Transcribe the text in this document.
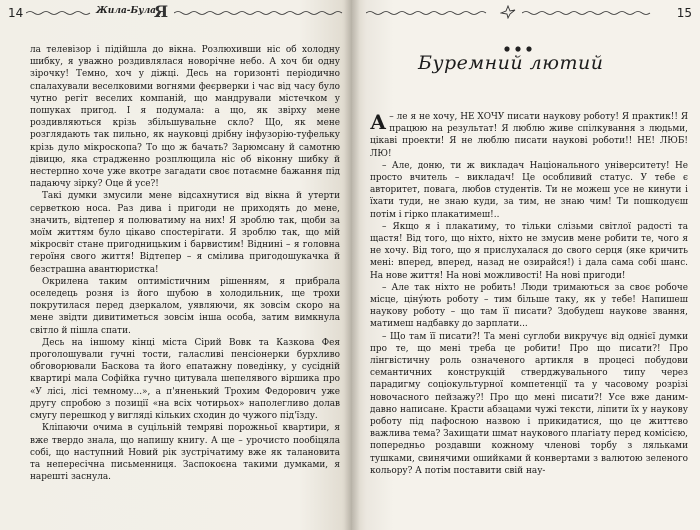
14	Жила-Була
Я

ла телевізор і підійшла до вікна. Розлюхивши ніс об холодну шибку, я уважно роздивлялася новорічне небо. А хоч би одну зірочку! Темно, хоч у діжці. Десь на горизонті періодично спалахували веселковими вогнями феєрверки і час від часу було чутно регіт веселих компаній, що мандрували містечком у пошуках пригод. І я подумала: а що, як звірху мене роздивляються крізь збільшувальне скло? Що, як мене розглядають так пильно, як науковці дрібну інфузорію-туфельку крізь дуло мікроскопа? То що ж бачать? Зарюмсану й самотню дівицю, яка страдженно розплющила ніс об віконну шибку й нестерпно хоче уже вкотре загадати своє потаємне бажання під падаючу зірку? Оце й усе?!

Такі думки змусили мене відсахнутися від вікна й утерти серветкою носа. Раз дива і пригоди не приходять до мене, значить, відтепер я полюватиму на них! Я зроблю так, щоби за моїм життям було цікаво спостерігати. Я зроблю так, що мій мікросвіт стане пригодницьким і барвистим! Віднині – я головна героїня свого життя! Відтепер – я смілива пригодошукачка й безстрашна авантюристка!

Окрилена таким оптимістичним рішенням, я прибрала оселедець розня із його шубою в холодильник, ще трохи покрутилася перед дзеркалом, уявляючи, як зовсім скоро на мене звідти дивитиметься зовсім інша особа, затим вимкнула світло й пішла спати.

Десь на іншому кінці міста Сірий Вовк та Казкова Фея проголошували гучні тости, галасливі пенсіонерки бурхливо обговорювали Баскова та його епатажну поведінку, у сусідній квартирі мала Софійка гучно цитувала шепелявого віршика про «У лісі, лісі темному...», а п'яненький Трохим Федорович уже другу спробою з позиції «на всіх чотирьох» наполегливо долав смугу перешкод у вигляді кільких сходин до чужого під'їзду.

Кліпаючи очима в суцільній темряві порожньої квартири, я вже твердо знала, що напишу книгу. А ще – урочисто пообіцяла собі, що наступний Новий рік зустрічатиму вже як талановита та непересічна письменниця. Заспокоєна такими думками, я нарешті заснула.

15

А – ле я не хочу, НЕ ХОЧУ писати наукову роботу! Я практик!! Я працюю на результат! Я люблю живе спілкування з людьми, цікаві проекти! Я не люблю писати наукові роботи!! НЕ! ЛЮБ! ЛЮ!

– Але, доню, ти ж викладач Національного університету! Не просто вчитель – викладач! Це особливий статус. У тебе є авторитет, повага, любов студентів. Ти не можеш усе не кинути і їхати туди, не знаю куди, за тим, не знаю чим! Ти пошкодуєш потім і гірко плакатимеш!..

– Якщо я і плакатиму, то тільки слізьми світлої радості та щастя! Від того, що ніхто, ніхто не змусив мене робити те, чого я не хочу. Від того, що я прислухалася до свого серця (яке кричить мені: вперед, вперед, назад не озирайся!) і дала сама собі шанс. На нове життя! На нові можливості! На нові пригоди!

– Але так ніхто не робить! Люди тримаються за своє робоче місце, ціну́ють роботу – тим більше таку, як у тебе! Напишеш наукову роботу – що там її писати? Здобудеш наукове звання, матимеш надбавку до зарплати...

– Що там її писати?! Та мені суглоби викручує від однієї думки про те, що мені треба це робити! Про що писати?! Про лінгвістичну роль означеного артикля в процесі побудови семантичних конструкцій стверджувального типу через парадигму соціокультурної компетенції та у часовому розрізі новочасного пейзажу?! Про що мені писати?! Усе вже даним-давно написане. Красти абзацами чужі тексти, ліпити їх у наукову роботу під пафосною назвою і прикидатися, що це життєво важлива тема? Захищати шмат наукового плагіату перед комісією, попередньо роздавши кожному членові торбу з ляльками тушками, свинячими ошийками й конвертами з валютою зеленого кольору? А потім поставити свій нау-

Буремний лютий
